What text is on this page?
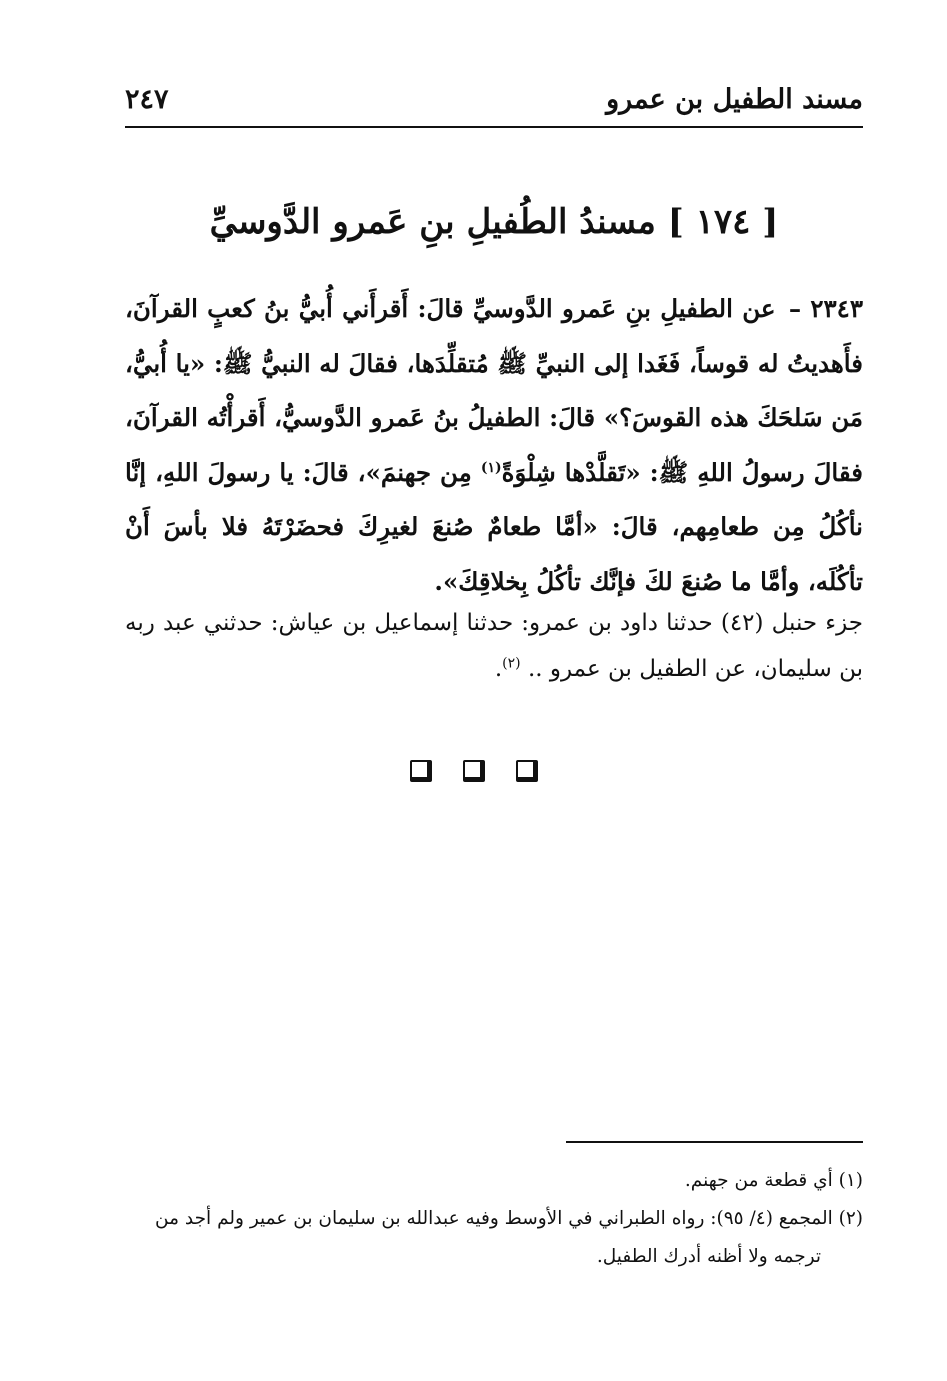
مسند الطفيل بن عمرو
٢٤٧
[ ١٧٤ ] مسندُ الطُفيلِ بنِ عَمرو الدَّوسيِّ

٢٣٤٣ – عن الطفيلِ بنِ عَمرو الدَّوسيِّ قالَ: أَقرأَني أُبيُّ بنُ كعبٍ القرآنَ، فأَهديتُ له قوساً، فَغَدا إلى النبيِّ ﷺ مُتقلِّدَها، فقالَ له النبيُّ ﷺ: «يا أُبيُّ، مَن سَلحَكَ هذه القوسَ؟» قالَ: الطفيلُ بنُ عَمرو الدَّوسيُّ، أَقرأْتُه القرآنَ، فقالَ رسولُ اللهِ ﷺ: «تَقلَّدْها شِلْوَةً$^{(١)}$ مِن جهنمَ»، قالَ: يا رسولَ اللهِ، إنَّا نأكُلُ مِن طعامِهم، قالَ: «أمَّا طعامٌ صُنعَ لغيرِكَ فحضَرْتَهُ فلا بأسَ أَنْ تأكُلَه، وأمَّا ما صُنعَ لكَ فإنَّك تأكُلُ بِخلاقِكَ».

جزء حنبل (٤٢) حدثنا داود بن عمرو: حدثنا إسماعيل بن عياش: حدثني عبد ربه بن سليمان، عن الطفيل بن عمرو .. $^{(٢)}$.

(١) أي قطعة من جهنم.

(٢) المجمع (٤/ ٩٥): رواه الطبراني في الأوسط وفيه عبدالله بن سليمان بن عمير ولم أجد من

ترجمه ولا أظنه أدرك الطفيل.
